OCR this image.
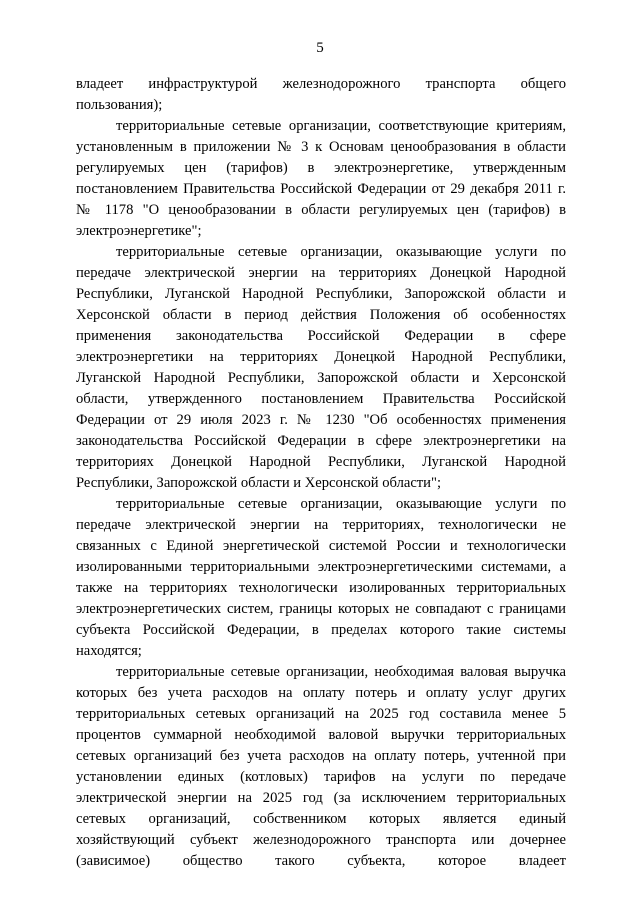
5

владеет инфраструктурой железнодорожного транспорта общего пользования);

территориальные сетевые организации, соответствующие критериям, установленным в приложении № 3 к Основам ценообразования в области регулируемых цен (тарифов) в электроэнергетике, утвержденным постановлением Правительства Российской Федерации от 29 декабря 2011 г. № 1178 "О ценообразовании в области регулируемых цен (тарифов) в электроэнергетике";

территориальные сетевые организации, оказывающие услуги по передаче электрической энергии на территориях Донецкой Народной Республики, Луганской Народной Республики, Запорожской области и Херсонской области в период действия Положения об особенностях применения законодательства Российской Федерации в сфере электроэнергетики на территориях Донецкой Народной Республики, Луганской Народной Республики, Запорожской области и Херсонской области, утвержденного постановлением Правительства Российской Федерации от 29 июля 2023 г. № 1230 "Об особенностях применения законодательства Российской Федерации в сфере электроэнергетики на территориях Донецкой Народной Республики, Луганской Народной Республики, Запорожской области и Херсонской области";

территориальные сетевые организации, оказывающие услуги по передаче электрической энергии на территориях, технологически не связанных с Единой энергетической системой России и технологически изолированными территориальными электроэнергетическими системами, а также на территориях технологически изолированных территориальных электроэнергетических систем, границы которых не совпадают с границами субъекта Российской Федерации, в пределах которого такие системы находятся;

территориальные сетевые организации, необходимая валовая выручка которых без учета расходов на оплату потерь и оплату услуг других территориальных сетевых организаций на 2025 год составила менее 5 процентов суммарной необходимой валовой выручки территориальных сетевых организаций без учета расходов на оплату потерь, учтенной при установлении единых (котловых) тарифов на услуги по передаче электрической энергии на 2025 год (за исключением территориальных сетевых организаций, собственником которых является единый хозяйствующий субъект железнодорожного транспорта или дочернее (зависимое) общество такого субъекта, которое владеет
